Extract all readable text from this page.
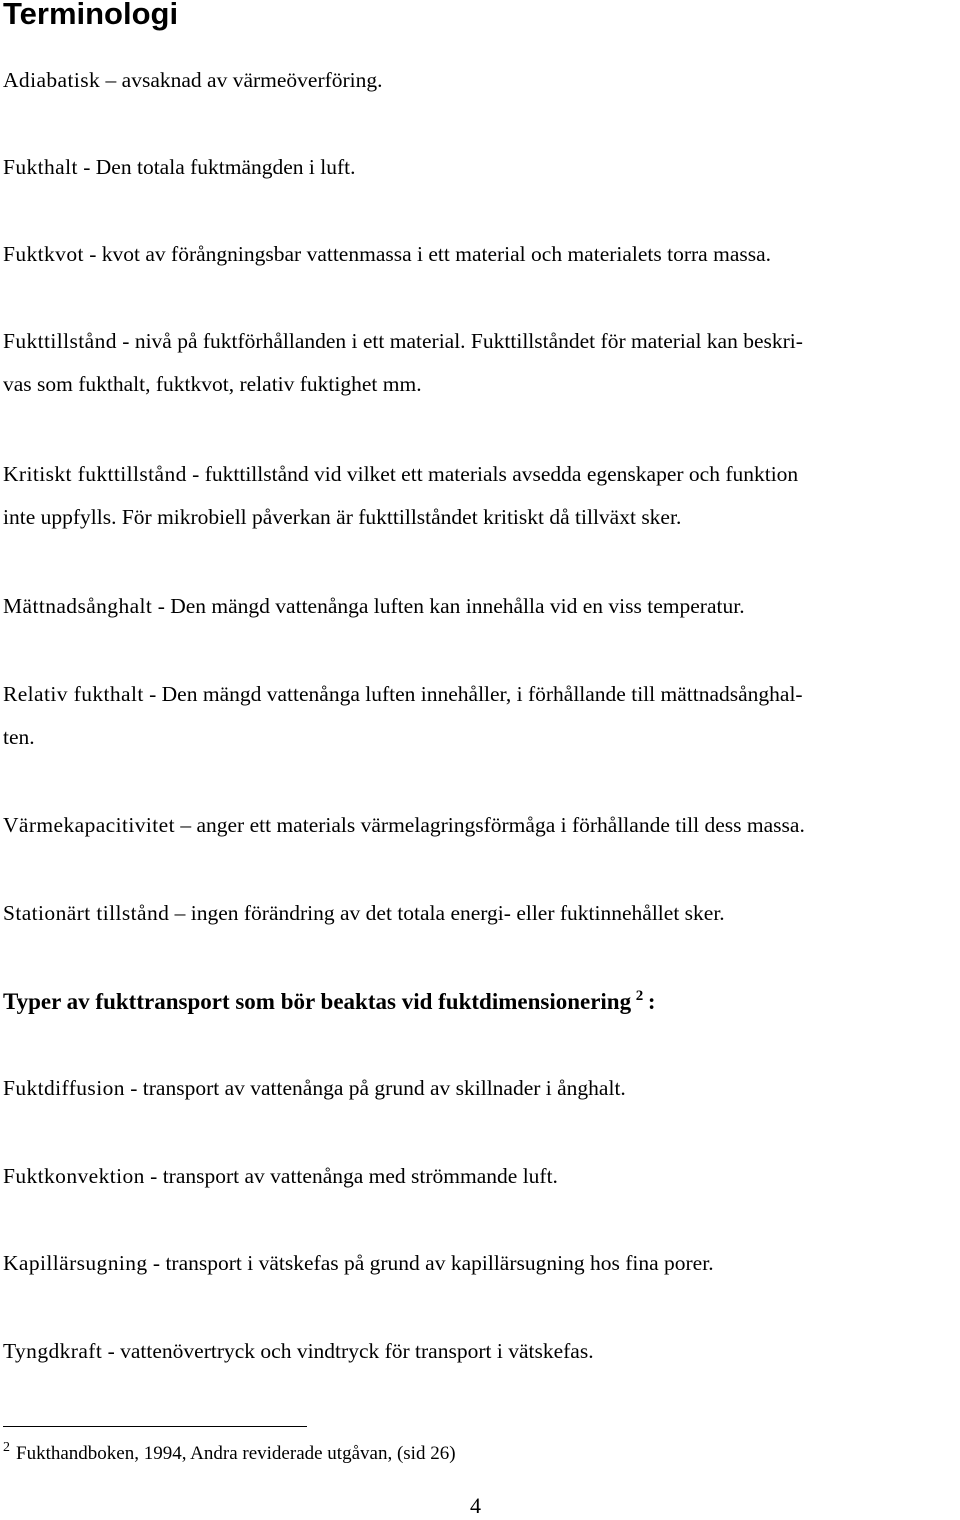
Terminologi

Adiabatisk – avsaknad av värmeöverföring.

Fukthalt - Den totala fuktmängden i luft.

Fuktkvot - kvot av förångningsbar vattenmassa i ett material och materialets torra massa.

Fukttillstånd - nivå på fuktförhållanden i ett material. Fukttillståndet för material kan beskri-
vas som fukthalt, fuktkvot, relativ fuktighet mm.

Kritiskt fukttillstånd - fukttillstånd vid vilket ett materials avsedda egenskaper och funktion
inte uppfylls. För mikrobiell påverkan är fukttillståndet kritiskt då tillväxt sker.

Mättnadsånghalt - Den mängd vattenånga luften kan innehålla vid en viss temperatur.

Relativ fukthalt - Den mängd vattenånga luften innehåller, i förhållande till mättnadsånghal-
ten.

Värmekapacitivitet – anger ett materials värmelagringsförmåga i förhållande till dess massa.

Stationärt tillstånd – ingen förändring av det totala energi- eller fuktinnehållet sker.

Typer av fukttransport som bör beaktas vid fuktdimensionering  $^2$  :

Fuktdiffusion - transport av vattenånga på grund av skillnader i ånghalt.

Fuktkonvektion - transport av vattenånga med strömmande luft.

Kapillärsugning - transport i vätskefas på grund av kapillärsugning hos fina porer.

Tyngdkraft - vattenövertryck och vindtryck för transport i vätskefas.

$^2$ Fukthandboken, 1994, Andra reviderade utgåvan, (sid 26)

4
